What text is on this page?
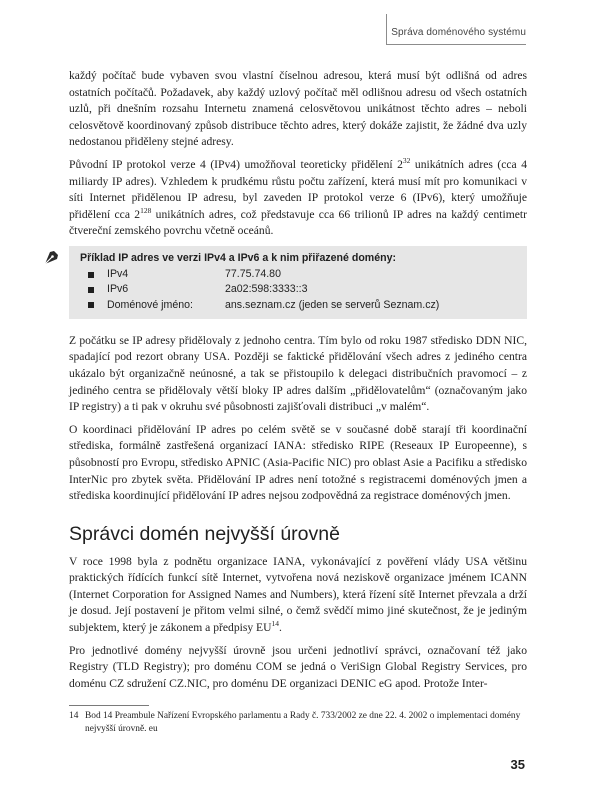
Správa doménového systému

každý počítač bude vybaven svou vlastní číselnou adresou, která musí být odlišná od adres ostatních počítačů. Požadavek, aby každý uzlový počítač měl odlišnou adresu od všech ostatních uzlů, při dnešním rozsahu Internetu znamená celosvětovou unikátnost těchto adres – neboli celosvětově koordinovaný způsob distribuce těchto adres, který dokáže zajistit, že žádné dva uzly nedostanou přiděleny stejné adresy.

Původní IP protokol verze 4 (IPv4) umožňoval teoreticky přidělení $2^{32}$ unikátních adres (cca 4 miliardy IP adres). Vzhledem k prudkému růstu počtu zařízení, která musí mít pro komunikaci v síti Internet přidělenou IP adresu, byl zaveden IP protokol verze 6 (IPv6), který umožňuje přidělení cca $2^{128}$ unikátních adres, což představuje cca 66 trilionů IP adres na každý centimetr čtvereční zemského povrchu včetně oceánů.

Příklad IP adres ve verzi IPv4 a IPv6 a k nim přiřazené domény:
IPv4	77.75.74.80
IPv6	2a02:598:3333::3
Doménové jméno:	ans.seznam.cz (jeden se serverů Seznam.cz)

Z počátku se IP adresy přidělovaly z jednoho centra. Tím bylo od roku 1987 středisko DDN NIC, spadající pod rezort obrany USA. Později se faktické přidělování všech adres z jediného centra ukázalo být organizačně neúnosné, a tak se přistoupilo k delegaci distribučních pravomocí – z jediného centra se přidělovaly větší bloky IP adres dalším „přidělovatelům“ (označovaným jako IP registry) a ti pak v okruhu své působnosti zajišťovali distribuci „v malém“.

O koordinaci přidělování IP adres po celém světě se v současné době starají tři koordinační střediska, formálně zastřešená organizací IANA: středisko RIPE (Reseaux IP Europeenne), s působností pro Evropu, středisko APNIC (Asia-Pacific NIC) pro oblast Asie a Pacifiku a středisko InterNic pro zbytek světa. Přidělování IP adres není totožné s registracemi doménových jmen a střediska koordinující přidělování IP adres nejsou zodpovědná za registrace doménových jmen.

Správci domén nejvyšší úrovně

V roce 1998 byla z podnětu organizace IANA, vykonávající z pověření vlády USA většinu praktických řídících funkcí sítě Internet, vytvořena nová neziskově organizace jménem ICANN (Internet Corporation for Assigned Names and Numbers), která řízení sítě Internet převzala a drží je dosud. Její postavení je přitom velmi silné, o čemž svědčí mimo jiné skutečnost, že je jediným subjektem, který je zákonem a předpisy EU$^{14}$.

Pro jednotlivé domény nejvyšší úrovně jsou určeni jednotliví správci, označovaní též jako Registry (TLD Registry); pro doménu COM se jedná o VeriSign Global Registry Services, pro doménu CZ sdružení CZ.NIC, pro doménu DE organizaci DENIC eG apod. Protože Inter-

14 Bod 14 Preambule Nařízení Evropského parlamentu a Rady č. 733/2002 ze dne 22. 4. 2002 o implementaci domény nejvyšší úrovně. eu
35
